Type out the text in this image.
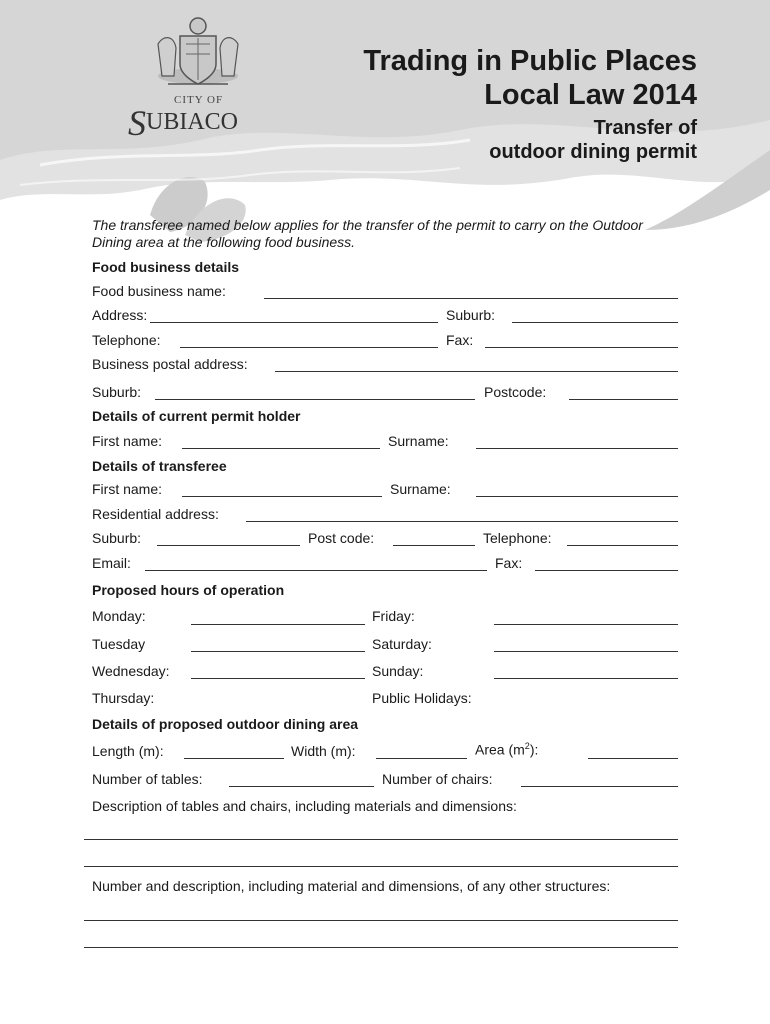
CITY OF
SUBIACO
Trading in Public Places
Local Law 2014
Transfer of
outdoor dining permit
The transferee named below applies for the transfer of the permit to carry on the Outdoor Dining area at the following food business.
Food business details
Food business name:
Address:	Suburb:
Telephone:	Fax:
Business postal address:
Suburb:	Postcode:
Details of current permit holder
First name:	Surname:
Details of transferee
First name:	Surname:
Residential address:
Suburb:	Post code:	Telephone:
Email:	Fax:
Proposed hours of operation
Monday:	Friday:
Tuesday	Saturday:
Wednesday:	Sunday:
Thursday:	Public Holidays:
Details of proposed outdoor dining area
Length (m):	Width (m):	Area $(m^2)$:
Number of tables:	Number of chairs:
Description of tables and chairs, including materials and dimensions:
Number and description, including material and dimensions, of any other structures:
